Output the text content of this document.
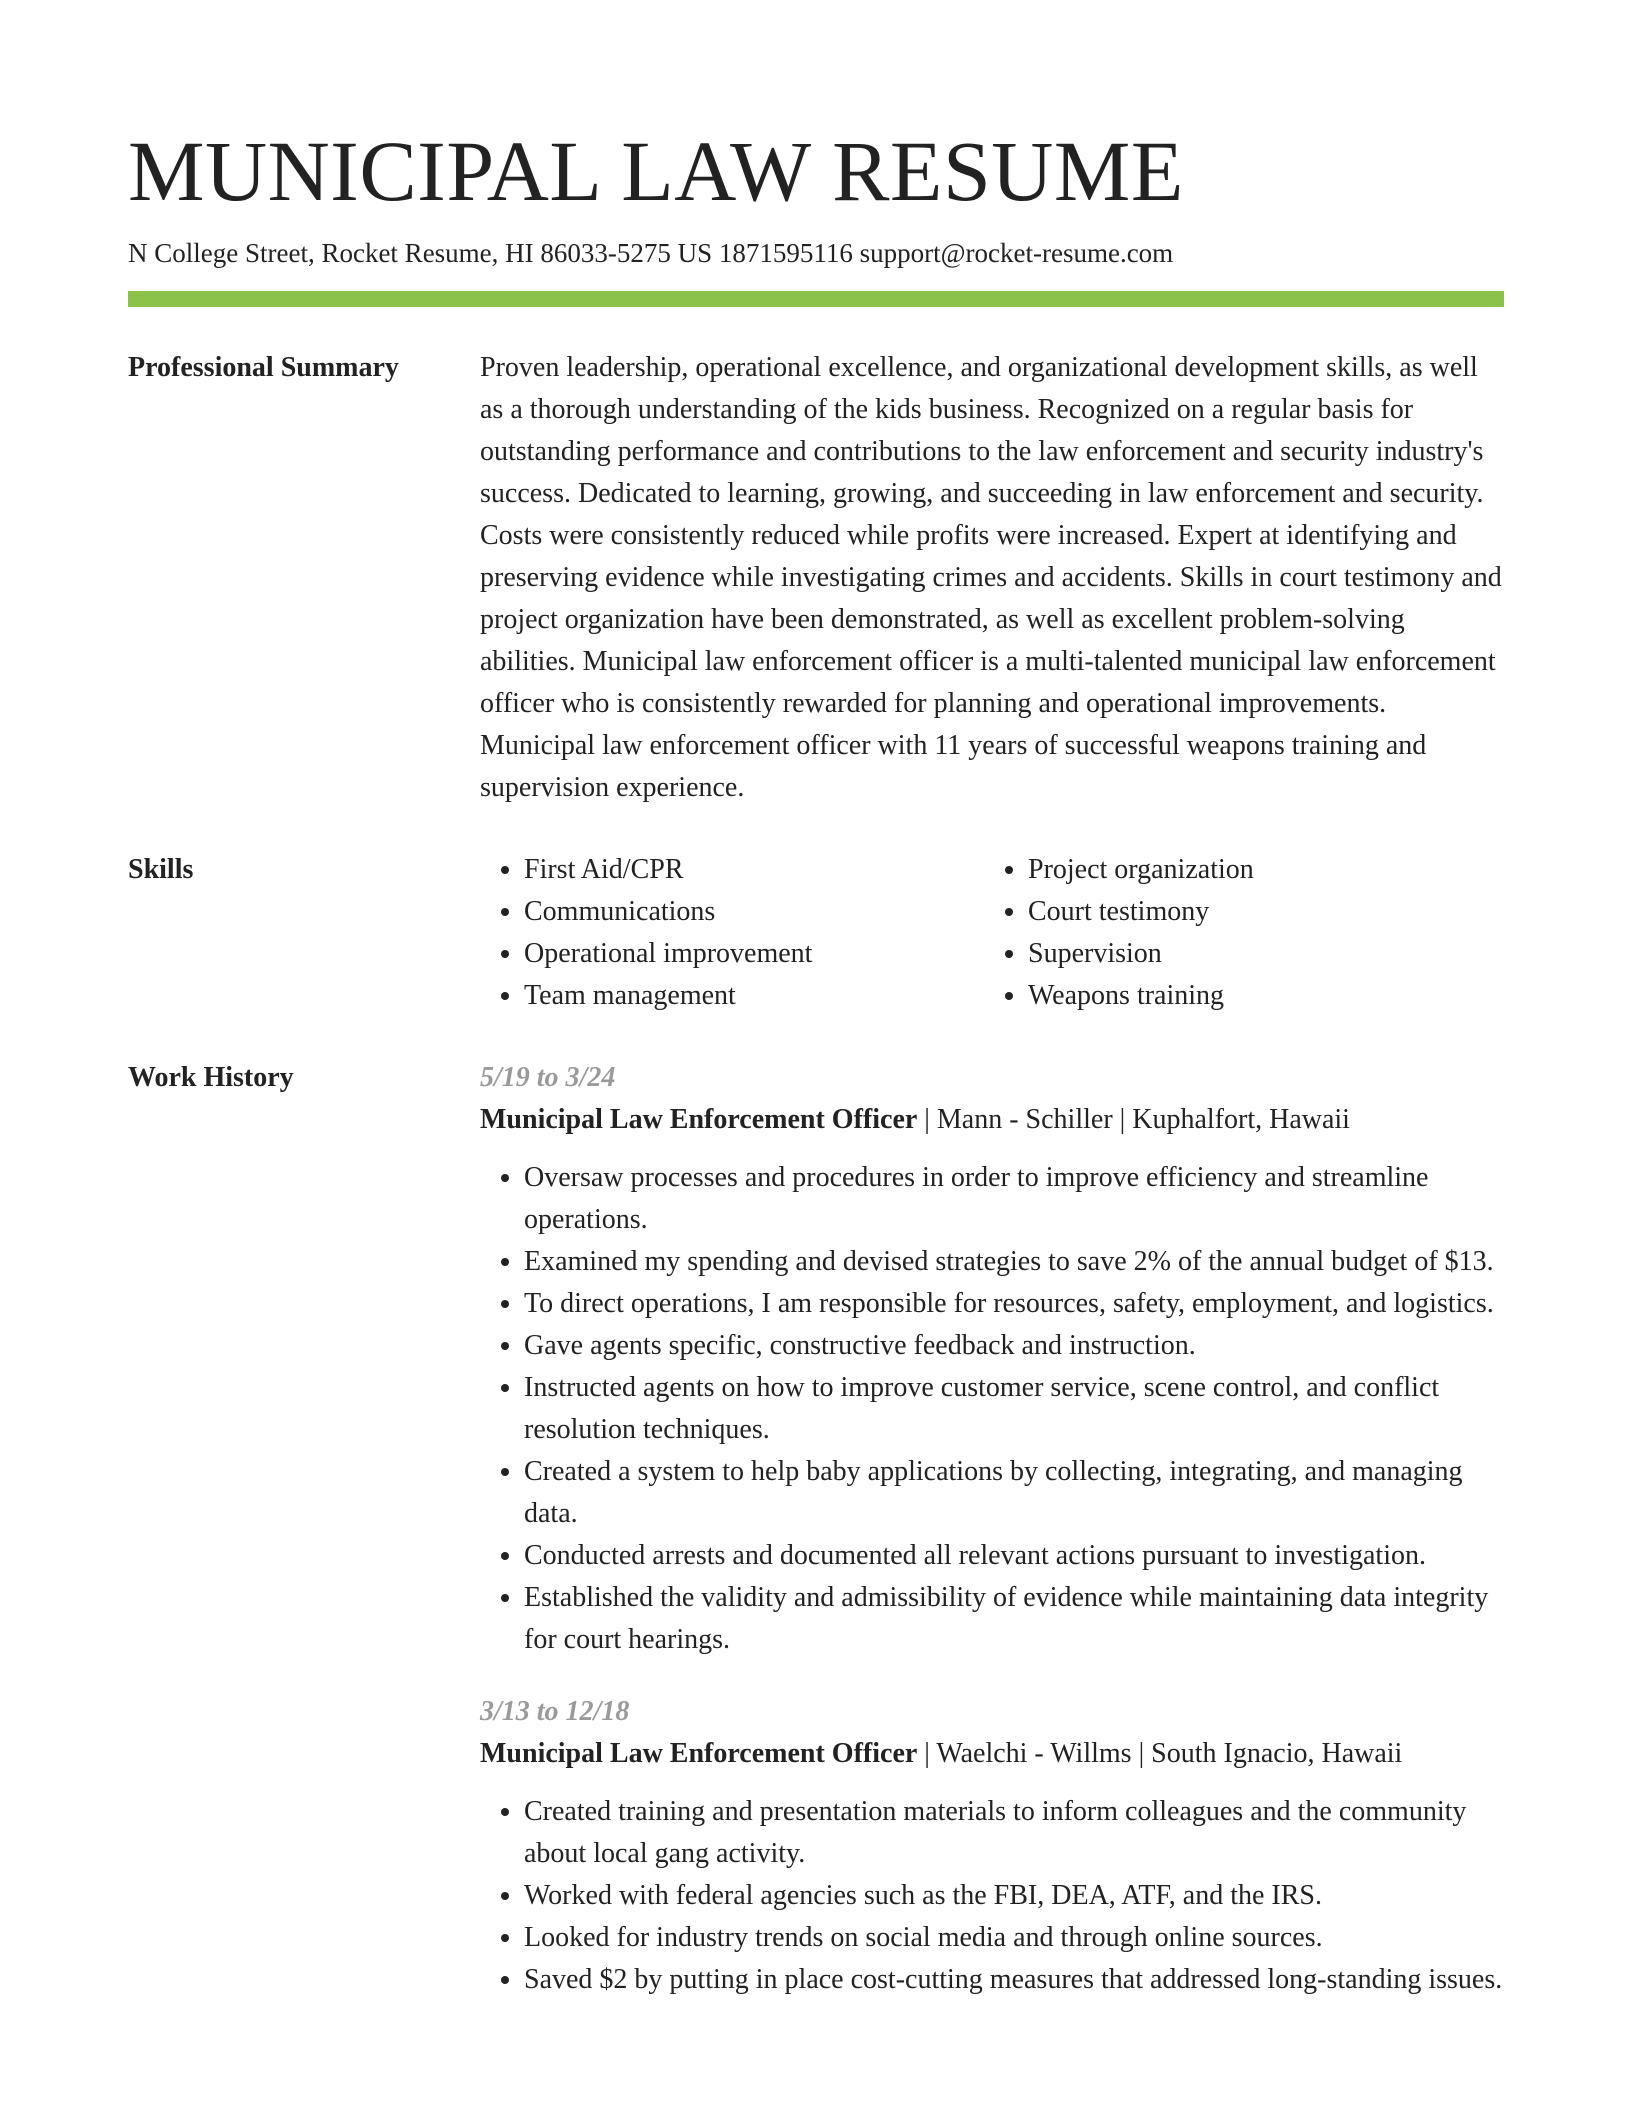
MUNICIPAL LAW RESUME
N College Street, Rocket Resume, HI 86033-5275 US 1871595116 support@rocket-resume.com
Professional Summary	Proven leadership, operational excellence, and organizational development skills, as well as a thorough understanding of the kids business. Recognized on a regular basis for outstanding performance and contributions to the law enforcement and security industry's success. Dedicated to learning, growing, and succeeding in law enforcement and security. Costs were consistently reduced while profits were increased. Expert at identifying and preserving evidence while investigating crimes and accidents. Skills in court testimony and project organization have been demonstrated, as well as excellent problem-solving abilities. Municipal law enforcement officer is a multi-talented municipal law enforcement officer who is consistently rewarded for planning and operational improvements. Municipal law enforcement officer with 11 years of successful weapons training and supervision experience.

Skills
•	First Aid/CPR
• Communications
• Operational improvement
• Team management
• Project organization
• Court testimony
• Supervision
• Weapons training
Work History	5/19 to 3/24
Municipal Law Enforcement Officer | Mann - Schiller | Kuphalfort, Hawaii
• Oversaw processes and procedures in order to improve efficiency and streamline operations.
• Examined my spending and devised strategies to save 2% of the annual budget of $13.
• To direct operations, I am responsible for resources, safety, employment, and logistics.
• Gave agents specific, constructive feedback and instruction.
• Instructed agents on how to improve customer service, scene control, and conflict resolution techniques.
• Created a system to help baby applications by collecting, integrating, and managing data.
• Conducted arrests and documented all relevant actions pursuant to investigation.
• Established the validity and admissibility of evidence while maintaining data integrity for court hearings.
3/13 to 12/18
Municipal Law Enforcement Officer | Waelchi - Willms | South Ignacio, Hawaii
• Created training and presentation materials to inform colleagues and the community about local gang activity.
• Worked with federal agencies such as the FBI, DEA, ATF, and the IRS.
• Looked for industry trends on social media and through online sources.
• Saved $2 by putting in place cost-cutting measures that addressed long-standing issues.
